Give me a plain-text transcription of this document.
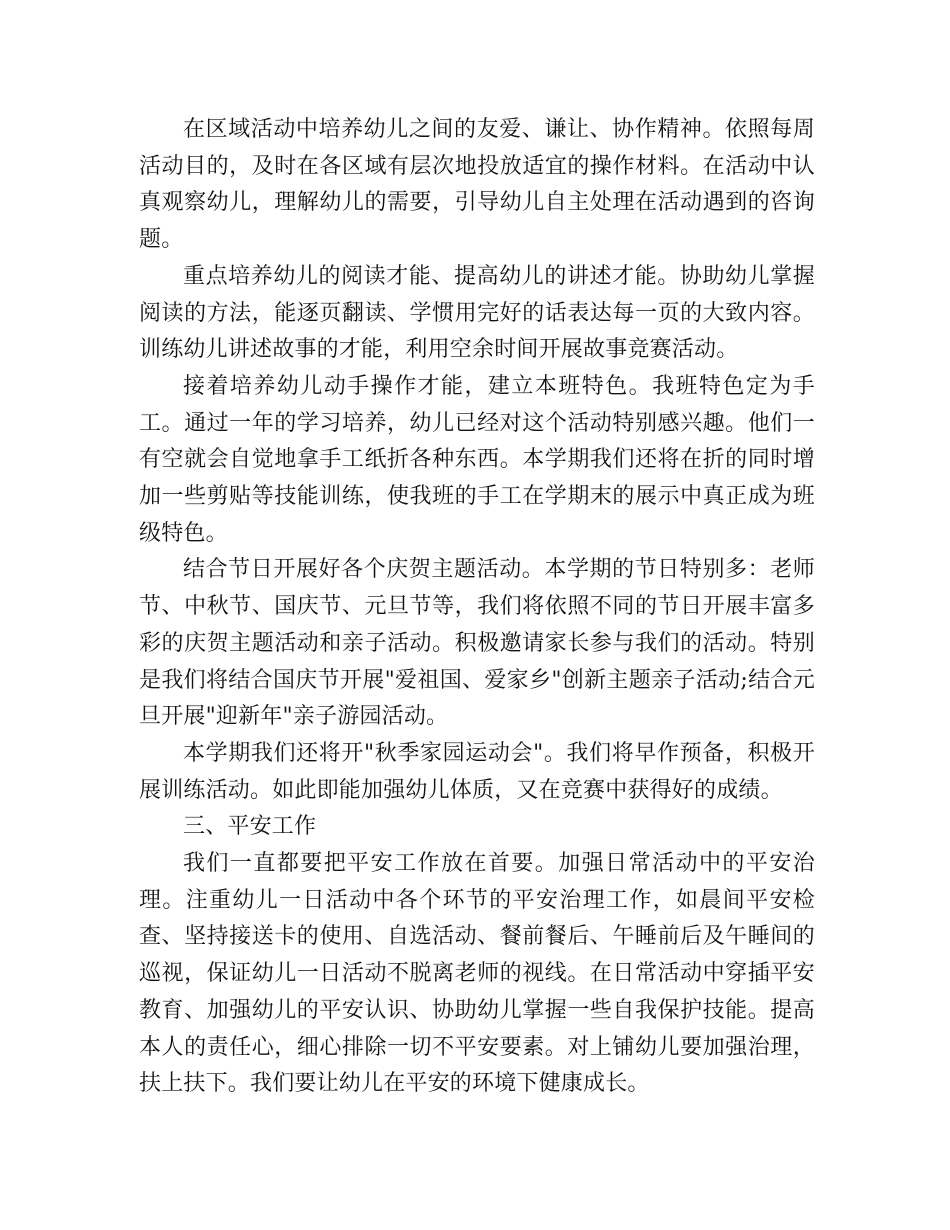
在区域活动中培养幼儿之间的友爱、谦让、协作精神。依照每周活动目的，及时在各区域有层次地投放适宜的操作材料。在活动中认真观察幼儿，理解幼儿的需要，引导幼儿自主处理在活动遇到的咨询题。

重点培养幼儿的阅读才能、提高幼儿的讲述才能。协助幼儿掌握阅读的方法，能逐页翻读、学惯用完好的话表达每一页的大致内容。训练幼儿讲述故事的才能，利用空余时间开展故事竞赛活动。

接着培养幼儿动手操作才能，建立本班特色。我班特色定为手工。通过一年的学习培养，幼儿已经对这个活动特别感兴趣。他们一有空就会自觉地拿手工纸折各种东西。本学期我们还将在折的同时增加一些剪贴等技能训练，使我班的手工在学期末的展示中真正成为班级特色。

结合节日开展好各个庆贺主题活动。本学期的节日特别多：老师节、中秋节、国庆节、元旦节等，我们将依照不同的节日开展丰富多彩的庆贺主题活动和亲子活动。积极邀请家长参与我们的活动。特别是我们将结合国庆节开展"爱祖国、爱家乡"创新主题亲子活动;结合元旦开展"迎新年"亲子游园活动。

本学期我们还将开"秋季家园运动会"。我们将早作预备，积极开展训练活动。如此即能加强幼儿体质，又在竞赛中获得好的成绩。

三、平安工作

我们一直都要把平安工作放在首要。加强日常活动中的平安治理。注重幼儿一日活动中各个环节的平安治理工作，如晨间平安检查、坚持接送卡的使用、自选活动、餐前餐后、午睡前后及午睡间的巡视，保证幼儿一日活动不脱离老师的视线。在日常活动中穿插平安教育、加强幼儿的平安认识、协助幼儿掌握一些自我保护技能。提高本人的责任心，细心排除一切不平安要素。对上铺幼儿要加强治理，扶上扶下。我们要让幼儿在平安的环境下健康成长。
